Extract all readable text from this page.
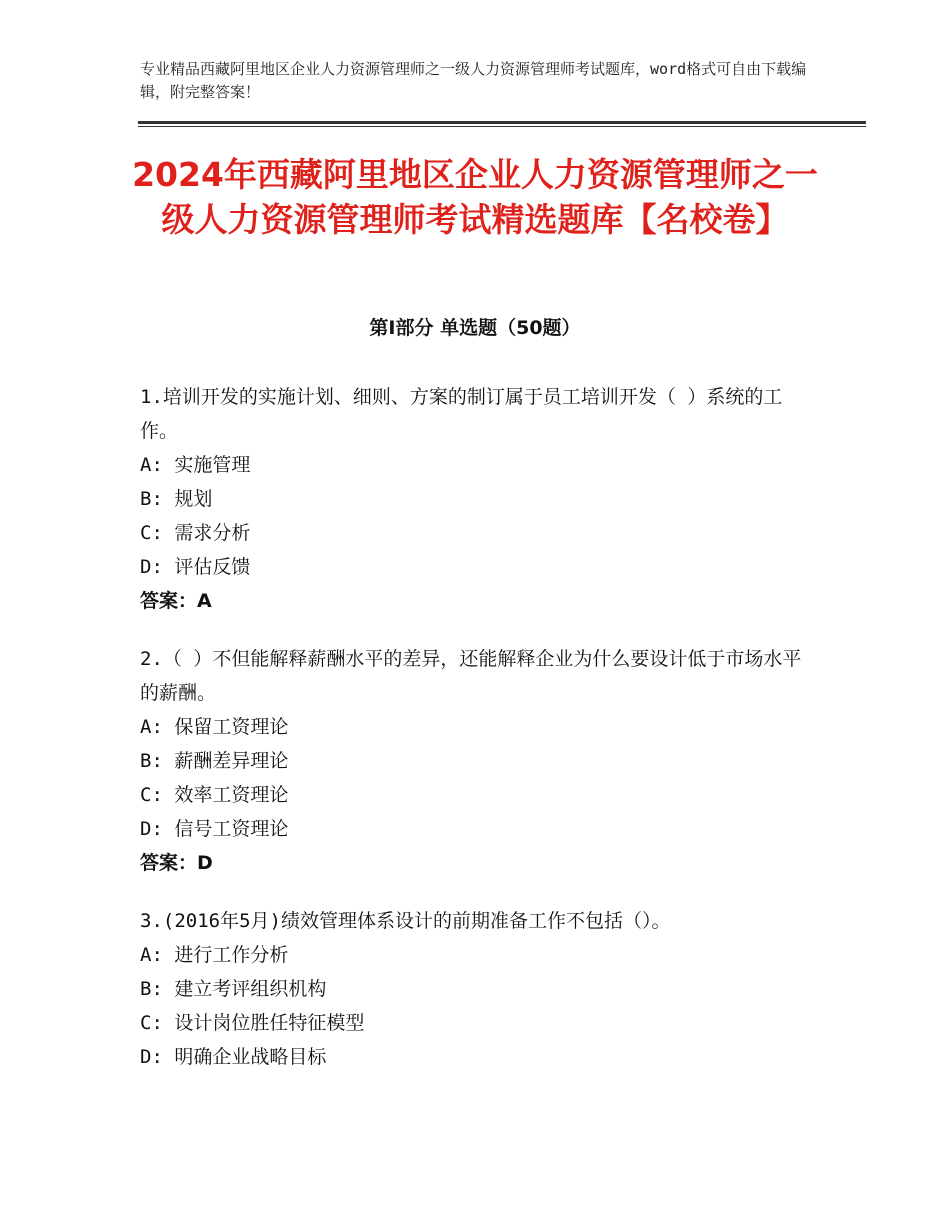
专业精品西藏阿里地区企业人力资源管理师之一级人力资源管理师考试题库，word格式可自由下载编辑，附完整答案！
2024年西藏阿里地区企业人力资源管理师之一级人力资源管理师考试精选题库【名校卷】
第Ⅰ部分 单选题（50题）

1.培训开发的实施计划、细则、方案的制订属于员工培训开发（ ）系统的工作。

A: 实施管理

B: 规划

C: 需求分析

D: 评估反馈

答案：A

2.（ ）不但能解释薪酬水平的差异，还能解释企业为什么要设计低于市场水平的薪酬。

A: 保留工资理论

B: 薪酬差异理论

C: 效率工资理论

D: 信号工资理论

答案：D

3.(2016年5月)绩效管理体系设计的前期准备工作不包括（）。

A: 进行工作分析

B: 建立考评组织机构

C: 设计岗位胜任特征模型

D: 明确企业战略目标
